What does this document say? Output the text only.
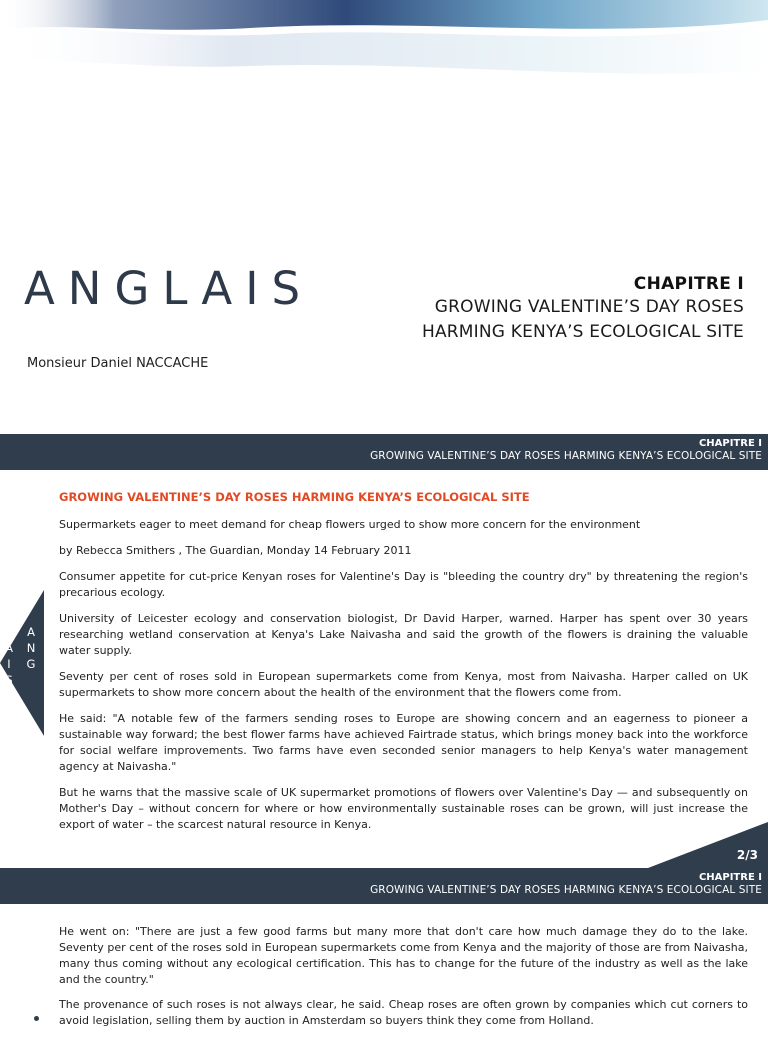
ANGLAIS
Monsieur Daniel NACCACHE
CHAPITRE I
GROWING VALENTINE’S DAY ROSES
HARMING KENYA’S ECOLOGICAL SITE
CHAPITRE I
GROWING VALENTINE’S DAY ROSES HARMING KENYA’S ECOLOGICAL SITE
A
N
G
L
A
I
S
GROWING VALENTINE’S DAY ROSES HARMING KENYA’S ECOLOGICAL SITE

Supermarkets eager to meet demand for cheap flowers urged to show more concern for the environment

by Rebecca Smithers , The Guardian, Monday 14 February 2011

Consumer appetite for cut-price Kenyan roses for Valentine's Day is "bleeding the country dry" by threatening the region's precarious ecology.

University of Leicester ecology and conservation biologist, Dr David Harper, warned. Harper has spent over 30 years researching wetland conservation at Kenya's Lake Naivasha and said the growth of the flowers is draining the valuable water supply.

Seventy per cent of roses sold in European supermarkets come from Kenya, most from Naivasha. Harper called on UK supermarkets to show more concern about the health of the environment that the flowers come from.

He said: "A notable few of the farmers sending roses to Europe are showing concern and an eagerness to pioneer a sustainable way forward; the best flower farms have achieved Fairtrade status, which brings money back into the workforce for social welfare improvements. Two farms have even seconded senior managers to help Kenya's water management agency at Naivasha."

But he warns that the massive scale of UK supermarket promotions of flowers over Valentine's Day — and subsequently on Mother's Day – without concern for where or how environmentally sustainable roses can be grown, will just increase the export of water – the scarcest natural resource in Kenya.

2/3
CHAPITRE I
GROWING VALENTINE’S DAY ROSES HARMING KENYA’S ECOLOGICAL SITE

He went on: "There are just a few good farms but many more that don't care how much damage they do to the lake. Seventy per cent of the roses sold in European supermarkets come from Kenya and the majority of those are from Naivasha, many thus coming without any ecological certification. This has to change for the future of the industry as well as the lake and the country."

The provenance of such roses is not always clear, he said. Cheap roses are often grown by companies which cut corners to avoid legislation, selling them by auction in Amsterdam so buyers think they come from Holland.
